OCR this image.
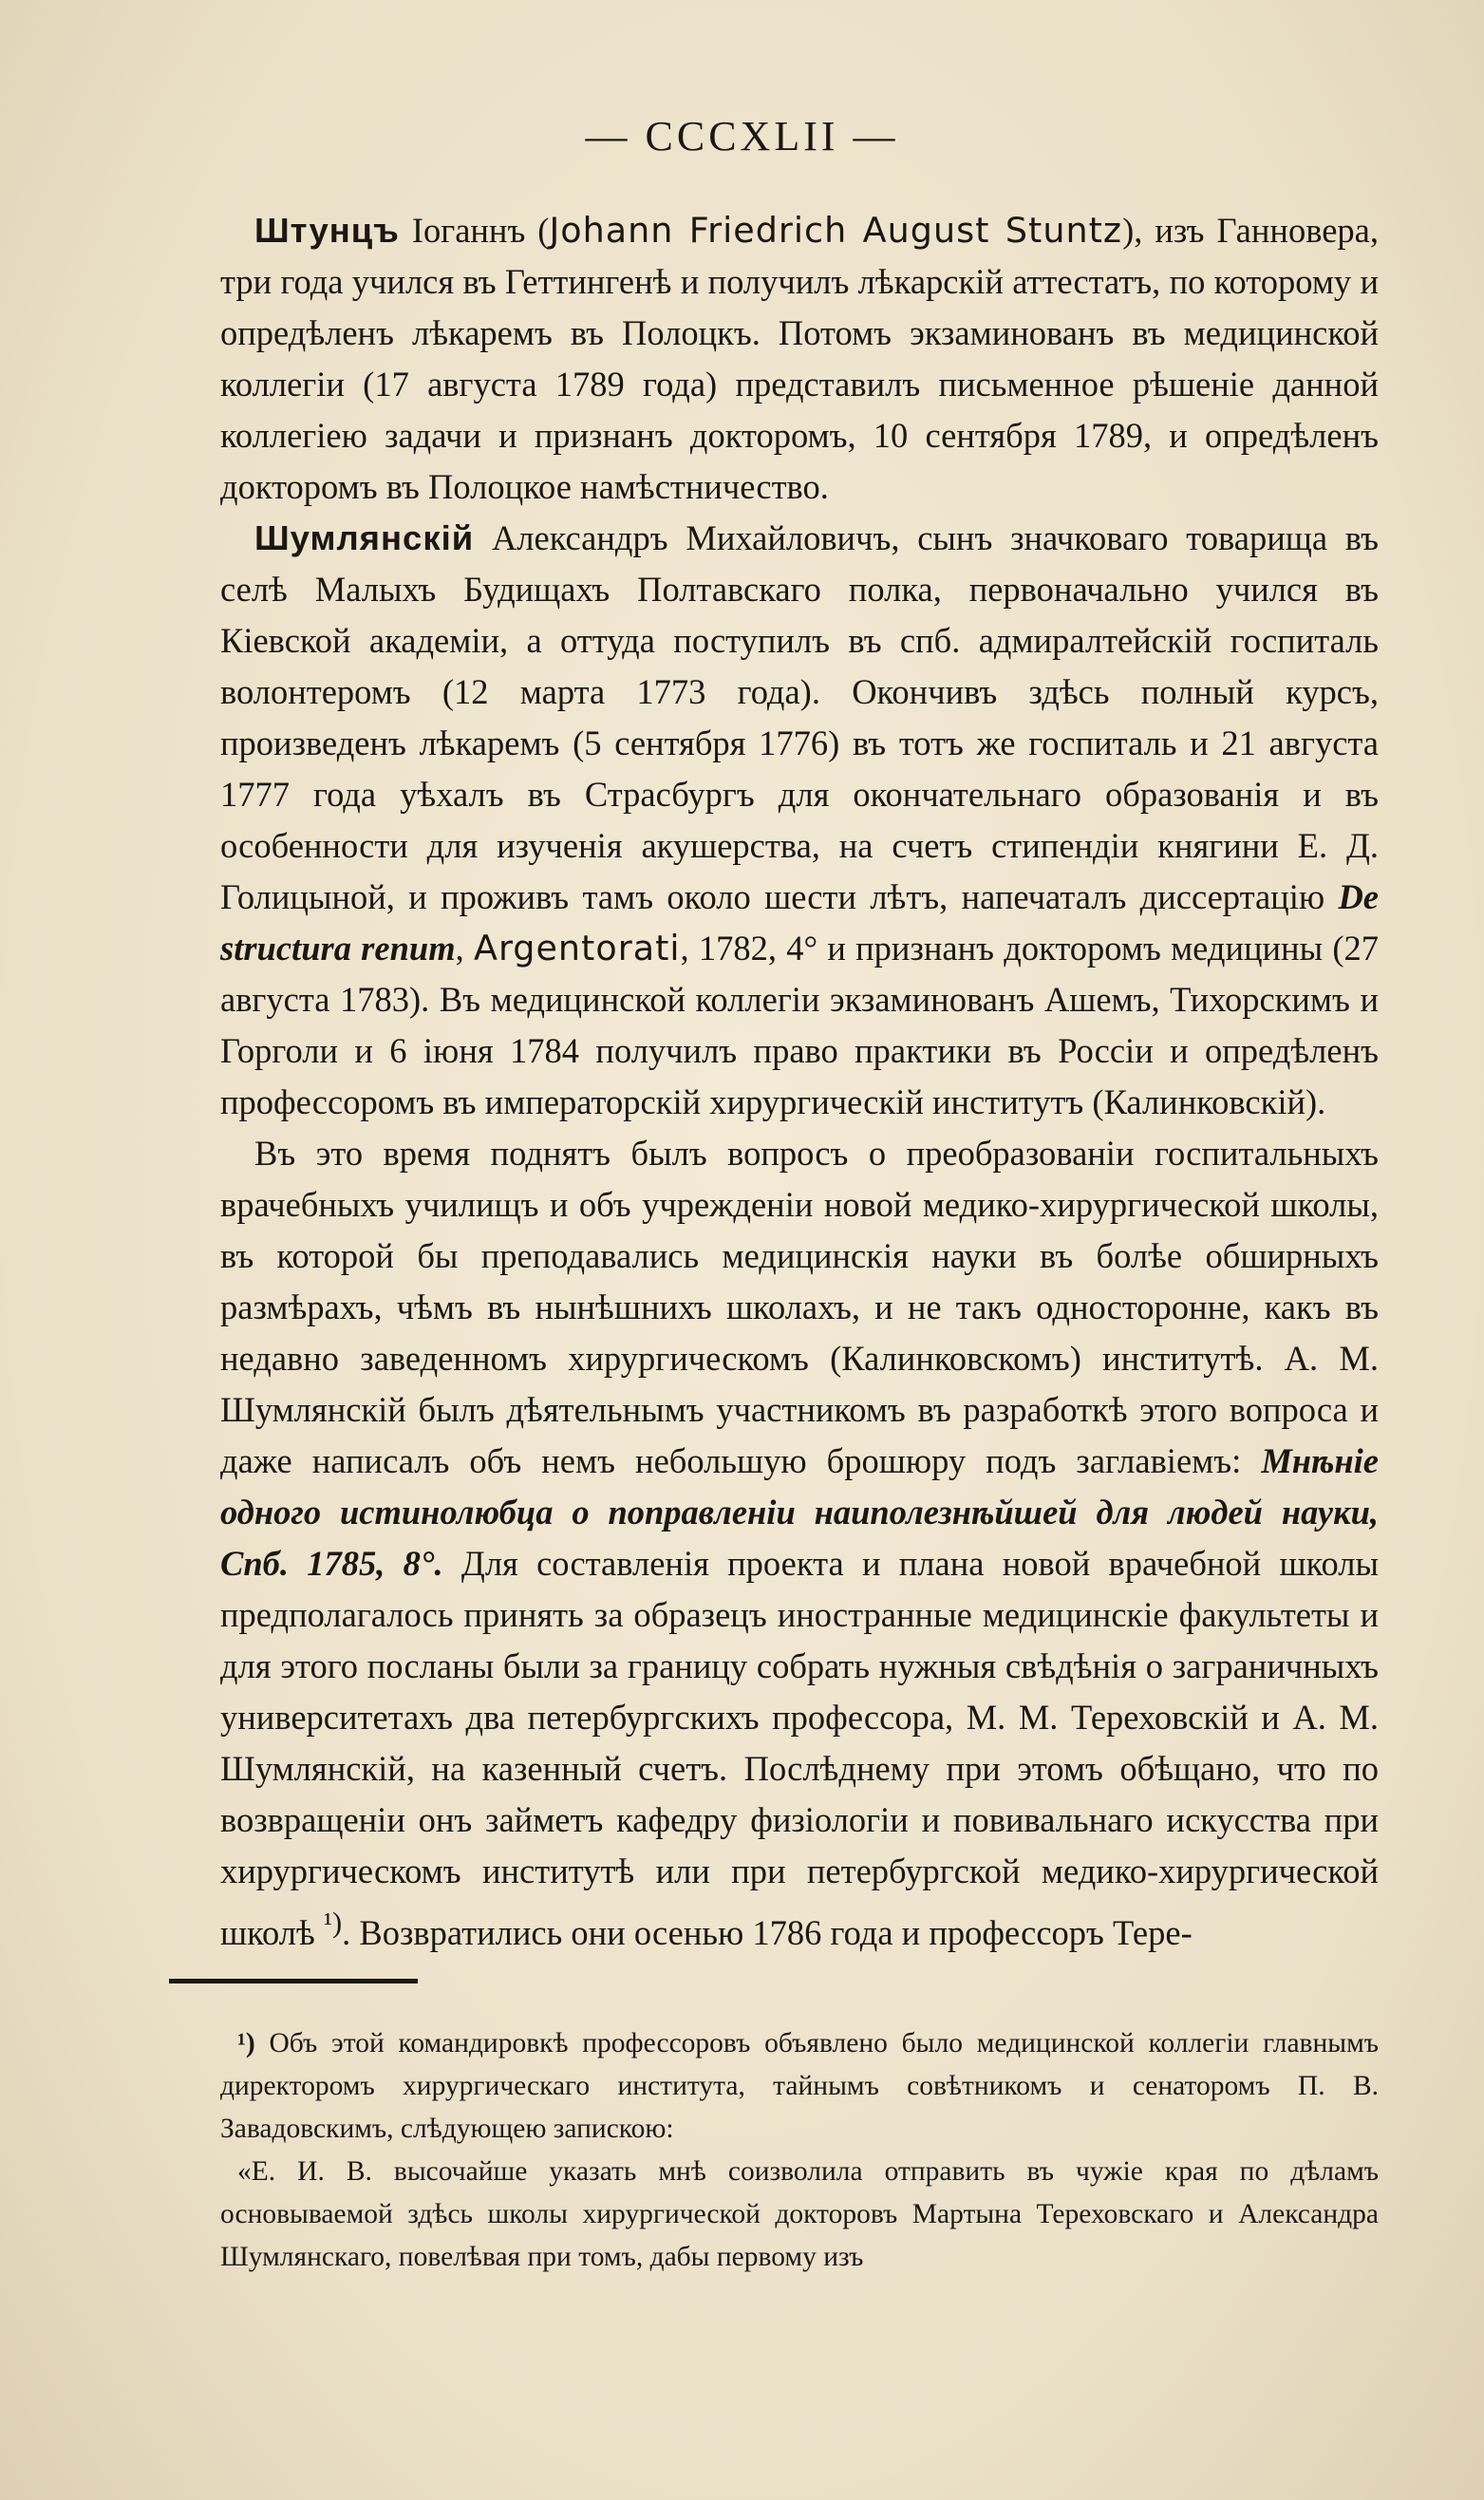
— CCCXLII —

Штунцъ Іоганнъ (Johann Friedrich August Stuntz), изъ Ганновера, три года учился въ Геттингенѣ и получилъ лѣкарскій аттестатъ, по которому и опредѣленъ лѣкаремъ въ Полоцкъ. Потомъ экзаминованъ въ медицинской коллегіи (17 августа 1789 года) представилъ письменное рѣшеніе данной коллегіею задачи и признанъ докторомъ, 10 сентября 1789, и опредѣленъ докторомъ въ Полоцкое намѣстничество.

Шумлянскій Александръ Михайловичъ, сынъ значковаго товарища въ селѣ Малыхъ Будищахъ Полтавскаго полка, первоначально учился въ Кіевской академіи, а оттуда поступилъ въ спб. адмиралтейскій госпиталь волонтеромъ (12 марта 1773 года). Окончивъ здѣсь полный курсъ, произведенъ лѣкаремъ (5 сентября 1776) въ тотъ же госпиталь и 21 августа 1777 года уѣхалъ въ Страсбургъ для окончательнаго образованія и въ особенности для изученія акушерства, на счетъ стипендіи княгини Е. Д. Голицыной, и проживъ тамъ около шести лѣтъ, напечаталъ диссертацію De structura renum, Argentorati, 1782, 4° и признанъ докторомъ медицины (27 августа 1783). Въ медицинской коллегіи экзаминованъ Ашемъ, Тихорскимъ и Горголи и 6 іюня 1784 получилъ право практики въ Россіи и опредѣленъ профессоромъ въ императорскій хирургическій институтъ (Калинковскій).

Въ это время поднятъ былъ вопросъ о преобразованіи госпитальныхъ врачебныхъ училищъ и объ учрежденіи новой медико-хирургической школы, въ которой бы преподавались медицинскія науки въ болѣе обширныхъ размѣрахъ, чѣмъ въ нынѣшнихъ школахъ, и не такъ односторонне, какъ въ недавно заведенномъ хирургическомъ (Калинковскомъ) институтѣ. А. М. Шумлянскій былъ дѣятельнымъ участникомъ въ разработкѣ этого вопроса и даже написалъ объ немъ небольшую брошюру подъ заглавіемъ: Мнѣніе одного истинолюбца о поправленіи наиполезнѣйшей для людей науки, Спб. 1785, 8°. Для составленія проекта и плана новой врачебной школы предполагалось принять за образецъ иностранные медицинскіе факультеты и для этого посланы были за границу собрать нужныя свѣдѣнія о заграничныхъ университетахъ два петербургскихъ профессора, М. М. Тереховскій и А. М. Шумлянскій, на казенный счетъ. Послѣднему при этомъ обѣщано, что по возвращеніи онъ займетъ кафедру физіологіи и повивальнаго искусства при хирургическомъ институтѣ или при петербургской медико-хирургической школѣ $^{^1)}$. Возвратились они осенью 1786 года и профессоръ Тере-

¹) Объ этой командировкѣ профессоровъ объявлено было медицинской коллегіи главнымъ директоромъ хирургическаго института, тайнымъ совѣтникомъ и сенаторомъ П. В. Завадовскимъ, слѣдующею запискою:

«Е. И. В. высочайше указать мнѣ соизволила отправить въ чужіе края по дѣламъ основываемой здѣсь школы хирургической докторовъ Мартына Тереховскаго и Александра Шумлянскаго, повелѣвая при томъ, дабы первому изъ
